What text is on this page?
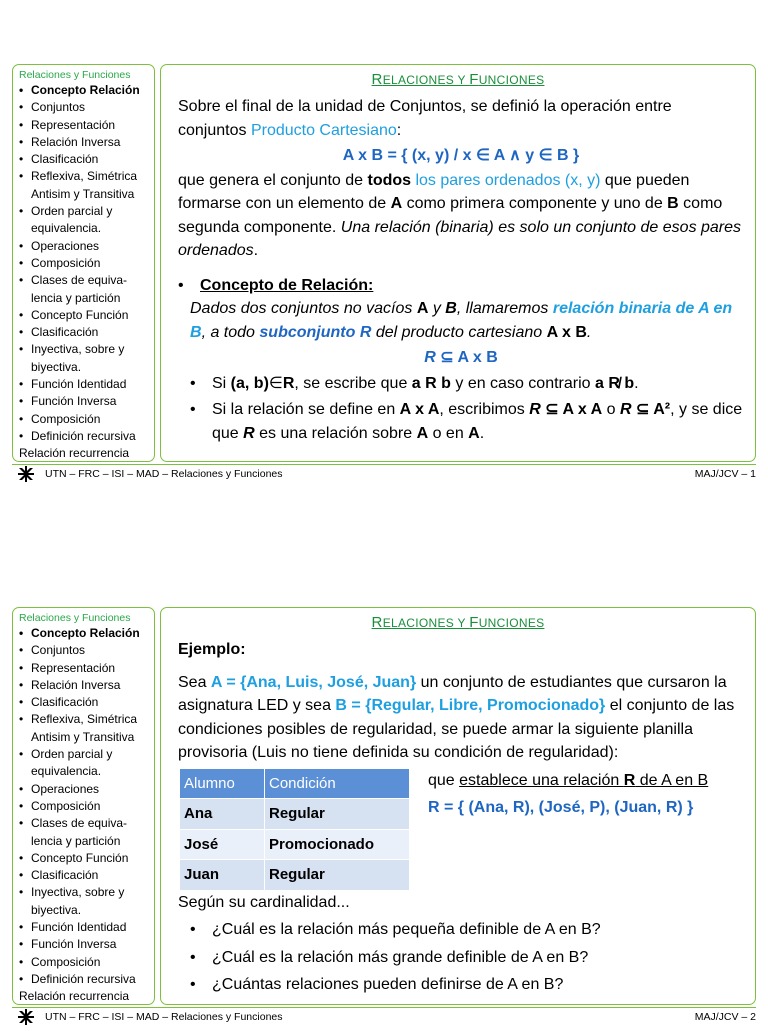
Relaciones y Funciones
• Concepto Relación
• Conjuntos
• Representación
• Relación Inversa
• Clasificación
• Reflexiva, Simétrica
Antisim y Transitiva
• Orden parcial y
equivalencia.
• Operaciones
• Composición
• Clases de equiva-
lencia y partición
• Concepto Función
• Clasificación
• Inyectiva, sobre y
biyectiva.
• Función Identidad
• Función Inversa
• Composición
• Definición recursiva
Relación recurrencia
RELACIONES Y FUNCIONES

Sobre el final de la unidad de Conjuntos, se definió la operación entre conjuntos Producto Cartesiano:

A x B = { (x, y) / x ∈ A ∧ y ∈ B }

que genera el conjunto de todos los pares ordenados (x, y) que pueden formarse con un elemento de A como primera componente y uno de B como segunda componente. Una relación (binaria) es solo un conjunto de esos pares ordenados.

• Concepto de Relación:

Dados dos conjuntos no vacíos A y B, llamaremos relación binaria de A en B, a todo subconjunto R del producto cartesiano A x B.

R ⊆ A x B

• Si (a, b)∈R, se escribe que a R b y en caso contrario a R̸ b.

• Si la relación se define en A x A, escribimos R ⊆ A x A o R ⊆ A², y se dice que R es una relación sobre A o en A.

UTN – FRC – ISI – MAD – Relaciones y Funciones	MAJ/JCV – 1
Relaciones y Funciones
• Concepto Relación
• Conjuntos
• Representación
• Relación Inversa
• Clasificación
• Reflexiva, Simétrica
Antisim y Transitiva
• Orden parcial y
equivalencia.
• Operaciones
• Composición
• Clases de equiva-
lencia y partición
• Concepto Función
• Clasificación
• Inyectiva, sobre y
biyectiva.
• Función Identidad
• Función Inversa
• Composición
• Definición recursiva
Relación recurrencia
RELACIONES Y FUNCIONES

Ejemplo:

Sea A = {Ana, Luis, José, Juan} un conjunto de estudiantes que cursaron la asignatura LED y sea B = {Regular, Libre, Promocionado} el conjunto de las condiciones posibles de regularidad, se puede armar la siguiente planilla provisoria (Luis no tiene definida su condición de regularidad):

Alumno	Condición
Ana	Regular
José	Promocionado
Juan	Regular

que establece una relación R de A en B

R = { (Ana, R), (José, P), (Juan, R) }

Según su cardinalidad...

• ¿Cuál es la relación más pequeña definible de A en B?

• ¿Cuál es la relación más grande definible de A en B?

• ¿Cuántas relaciones pueden definirse de A en B?

UTN – FRC – ISI – MAD – Relaciones y Funciones	MAJ/JCV – 2
